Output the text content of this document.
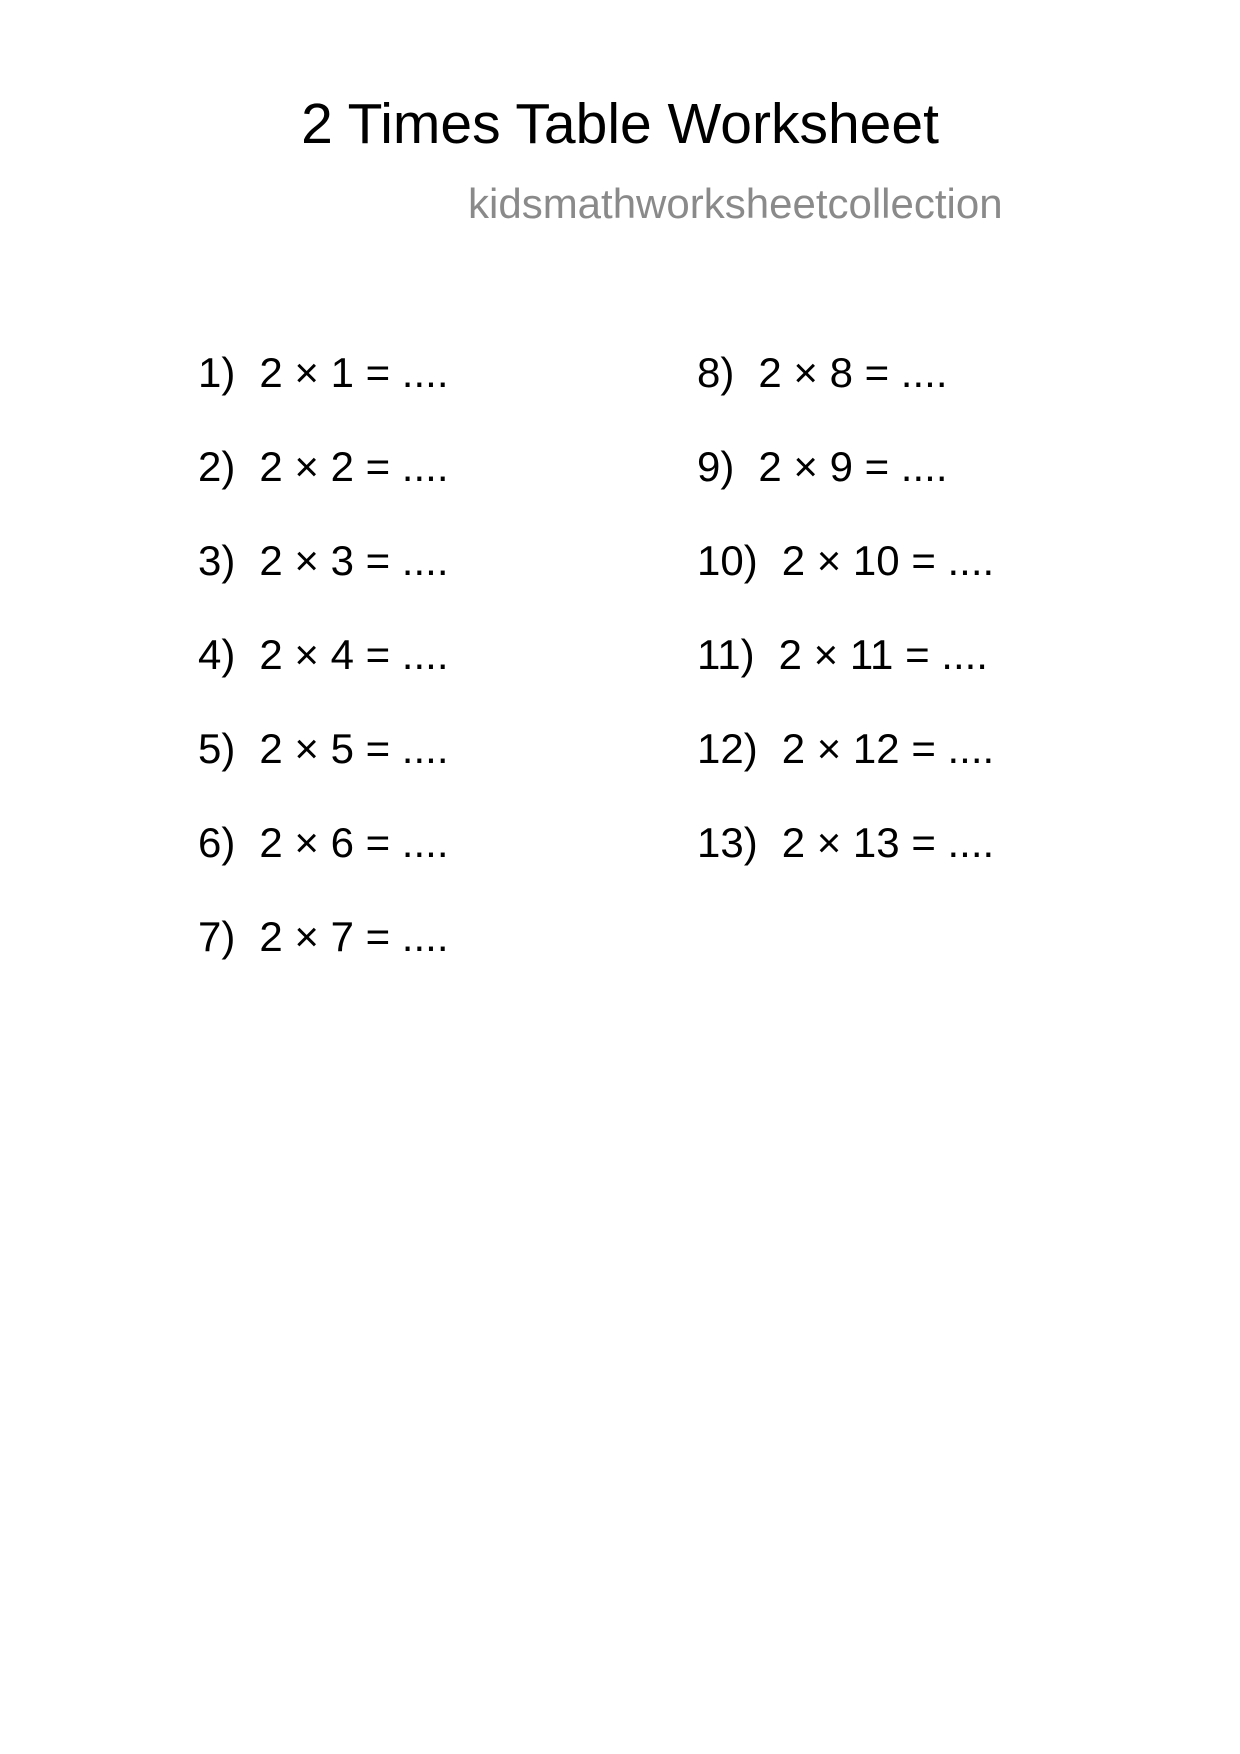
2 Times Table Worksheet
kidsmathworksheetcollection
1) 2 × 1 = ....
2) 2 × 2 = ....
3) 2 × 3 = ....
4) 2 × 4 = ....
5) 2 × 5 = ....
6) 2 × 6 = ....
7) 2 × 7 = ....
8) 2 × 8 = ....
9) 2 × 9 = ....
10) 2 × 10 = ....
11) 2 × 11 = ....
12) 2 × 12 = ....
13) 2 × 13 = ....
